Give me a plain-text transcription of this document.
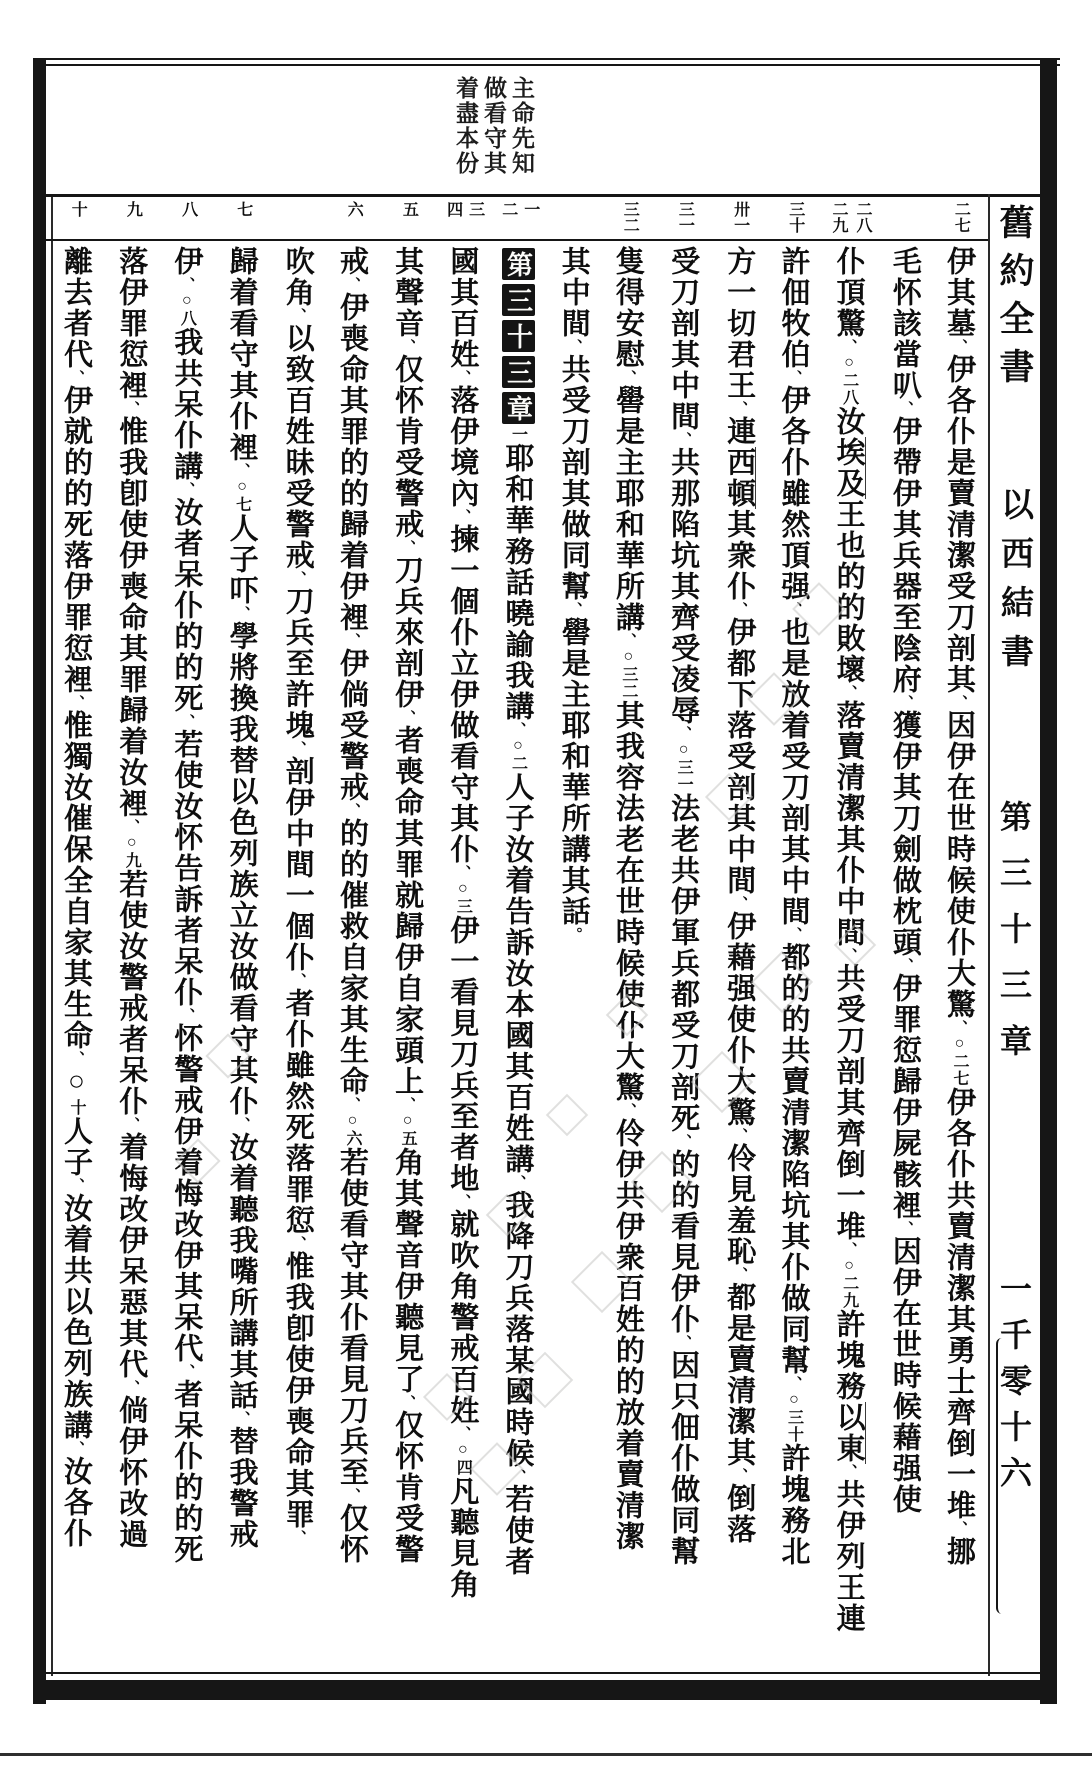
主命先知
做看守其
着盡本份
二七
二九 二八
三十
卅一
三一
三二
二 一
四 三
五
六
七
八
九
十
伊其墓、伊各仆是賣清潔受刀剖其、因伊在世時候使仆大驚、○二七伊各仆共賣清潔其勇士齊倒一堆、挪
毛怀該當叭、伊帶伊其兵器至陰府、獲伊其刀劍做枕頭、伊罪愆歸伊屍骸裡、因伊在世時候藉强使
仆頂驚、○二八汝埃及王也的的敗壞、落賣清潔其仆中間、共受刀剖其齊倒一堆、○二九許塊務以東、共伊列王連
許佃牧伯、伊各仆雖然頂强、也是放着受刀剖其中間、都的的共賣清潔陷坑其仆做同幫、○三十許塊務北
方一切君王、連西頓其衆仆、伊都下落受剖其中間、伊藉强使仆大驚、伶見羞恥、都是賣清潔其、倒落
受刀剖其中間、共那陷坑其齊受凌辱、○三一法老共伊軍兵都受刀剖死、的的看見伊仆、因只佃仆做同幫
隻得安慰、嚳是主耶和華所講、○三二其我容法老在世時候使仆大驚、伶伊共伊衆百姓的的放着賣清潔
其中間、共受刀剖其做同幫、嚳是主耶和華所講其話。
第三十三章一耶和華務話曉諭我講、○二人子汝着告訴汝本國其百姓講、我降刀兵落某國時候、若使者
國其百姓、落伊境內、揀一個仆立伊做看守其仆、○三伊一看見刀兵至者地、就吹角警戒百姓、○四凡聽見角
其聲音、仅怀肯受警戒、刀兵來剖伊、者喪命其罪就歸伊自家頭上、○五角其聲音伊聽見了、仅怀肯受警
戒、伊喪命其罪的的歸着伊裡、伊倘受警戒、的的催救自家其生命、○六若使看守其仆看見刀兵至、仅怀
吹角、以致百姓昧受警戒、刀兵至許塊、剖伊中間一個仆、者仆雖然死落罪愆、惟我卽使伊喪命其罪、
歸着看守其仆裡、○七人子吓、學將換我替以色列族立汝做看守其仆、汝着聽我嘴所講其話、替我警戒
伊、○八我共呆仆講、汝者呆仆的的死、若使汝怀告訴者呆仆、怀警戒伊着悔改伊其呆代、者呆仆的的死
落伊罪愆裡、惟我卽使伊喪命其罪歸着汝裡、○九若使汝警戒者呆仆、着悔改伊呆惡其代、倘伊怀改過
離去者代、伊就的的死落伊罪愆裡、惟獨汝催保全自家其生命、○十人子、汝着共以色列族講、汝各仆
舊約全書
以西結書
第三十三章
一千零十六
